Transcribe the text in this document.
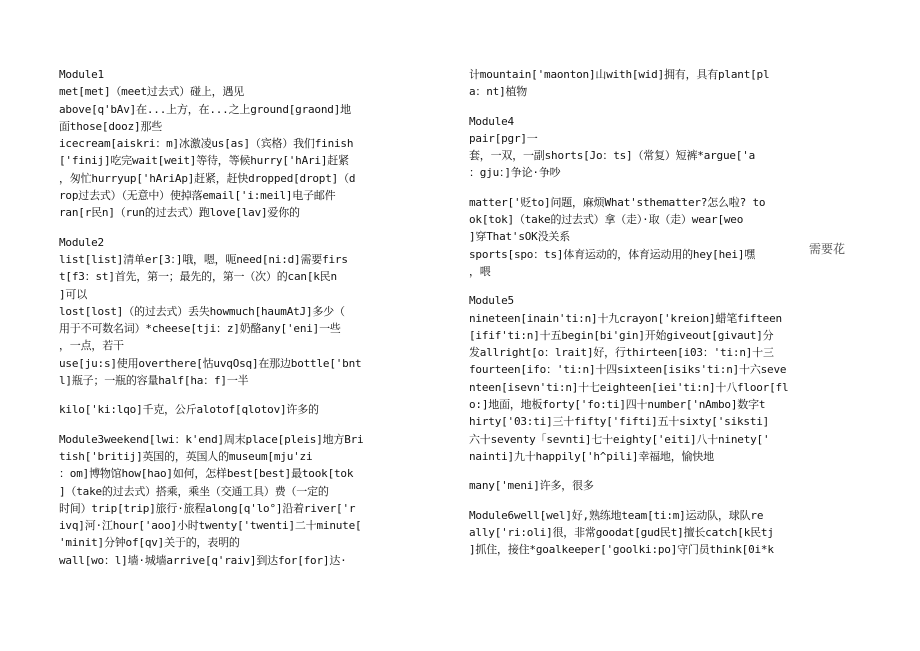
Module1
met[met]（meet过去式）碰上，遇见
above[q'bAv]在...上方，在...之上ground[graond]地
面those[dooz]那些
icecream[aiskri：m]冰激凌us[as]（宾格）我们finish
['finij]吃完wait[weit]等待，等候hurry['hAri]赶紧
，匆忙hurryup['hAriAp]赶紧，赶快dropped[dropt]（d
rop过去式）（无意中）使掉落email['i:meil]电子邮件
ran[r民n]（run的过去式）跑love[lav]爱你的
Module2
list[list]清单er[3：]哦，嗯，呃need[ni:d]需要firs
t[f3：st]首先，第一；最先的，第一（次）的can[k民n
]可以
lost[lost]（的过去式）丢失howmuch[haumAtJ]多少（
用于不可数名词）*cheese[tji：z]奶酪any['eni]一些
，一点，若干
use[ju:s]使用overthere[怙uvqOsq]在那边bottle['bnt
l]瓶子；一瓶的容量half[ha：f]一半
kilo['ki:lqo]千克，公斤alotof[qlotov]许多的
Module3weekend[lwi：k'end]周末place[pleis]地方Bri
tish['britij]英国的，英国人的museum[mju'zi
：om]博物馆how[hao]如何，怎样best[best]最took[tok
]（take的过去式）搭乘，乘坐（交通工具）费（一定的
时间）trip[trip]旅行·旅程along[q'lo°]沿着river['r
ivq]河·江hour['aoo]小时twenty['twenti]二十minute[
'minit]分钟of[qv]关于的，表明的
wall[wo：l]墙·城墙arrive[q'raiv]到达for[for]达·
计mountain['maonton]山with[wid]拥有，具有plant[pl
a：nt]植物
Module4
pair[pgr]一
套，一双，一副shorts[Jo：ts]（常复）短裤*argue['a
：gju：]争论·争吵
matter['贬to]问题，麻烦What'sthematter?怎么啦? to
ok[tok]（take的过去式）拿（走）·取（走）wear[weo
]穿That'sOK没关系
sports[spo：ts]体育运动的，体育运动用的hey[hei]嘿
，喂
Module5
nineteen[inain'ti:n]十九crayon['kreion]蜡笔fifteen
[ifif'ti:n]十五begin[bi'gin]开始giveout[givaut]分
发allright[o：lrait]好，行thirteen[i03：'ti:n]十三
fourteen[ifo：'ti:n]十四sixteen[isiks'ti:n]十六seve
nteen[isevn'ti:n]十七eighteen[iei'ti:n]十八floor[fl
o:]地面，地板forty['fo:ti]四十number['nAmbo]数字t
hirty['03:ti]三十fifty['fifti]五十sixty['siksti]
六十seventy「sevnti]七十eighty['eiti]八十ninety['
nainti]九十happily['h^pili]幸福地，愉快地
many['meni]许多，很多
Module6well[wel]好,熟练地team[ti:m]运动队，球队re
ally['ri:oli]很，非常goodat[gud民t]擅长catch[k民tj
]抓住，接住*goalkeeper['goolki:po]守门员think[0i*k
需要花
